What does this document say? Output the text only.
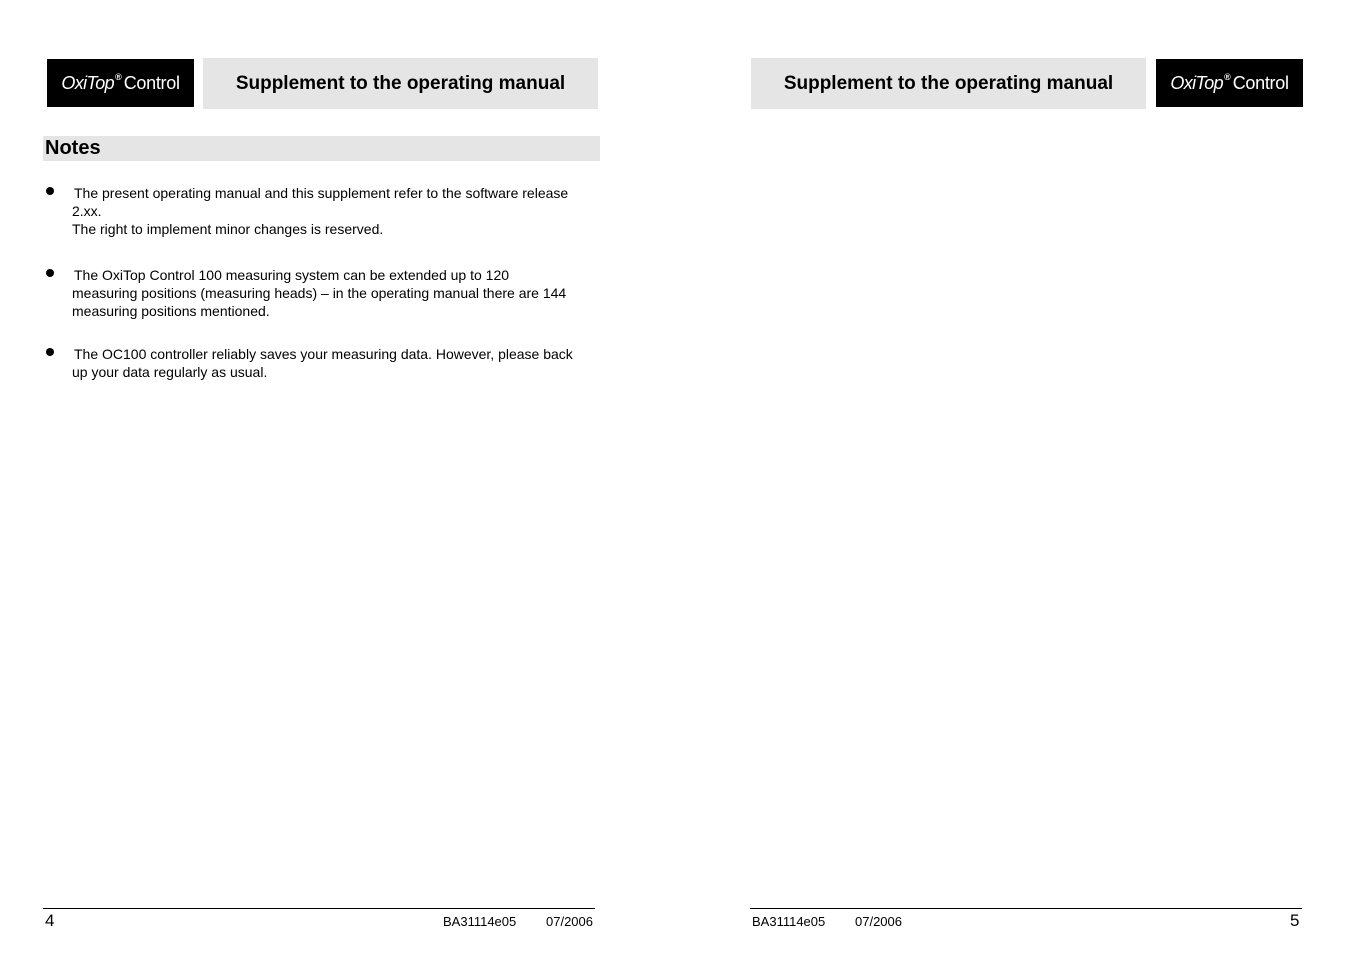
OxiTop ® Control	Supplement to the operating manual
Notes
The present operating manual and this supplement refer to the software release
2.xx.
The right to implement minor changes is reserved.
The OxiTop Control 100 measuring system can be extended up to 120
measuring positions (measuring heads) – in the operating manual there are 144
measuring positions mentioned.
The OC100 controller reliably saves your measuring data. However, please back
up your data regularly as usual.
4	BA31114e05 07/2006
Supplement to the operating manual	OxiTop ® Control
BA31114e05 07/2006	5
